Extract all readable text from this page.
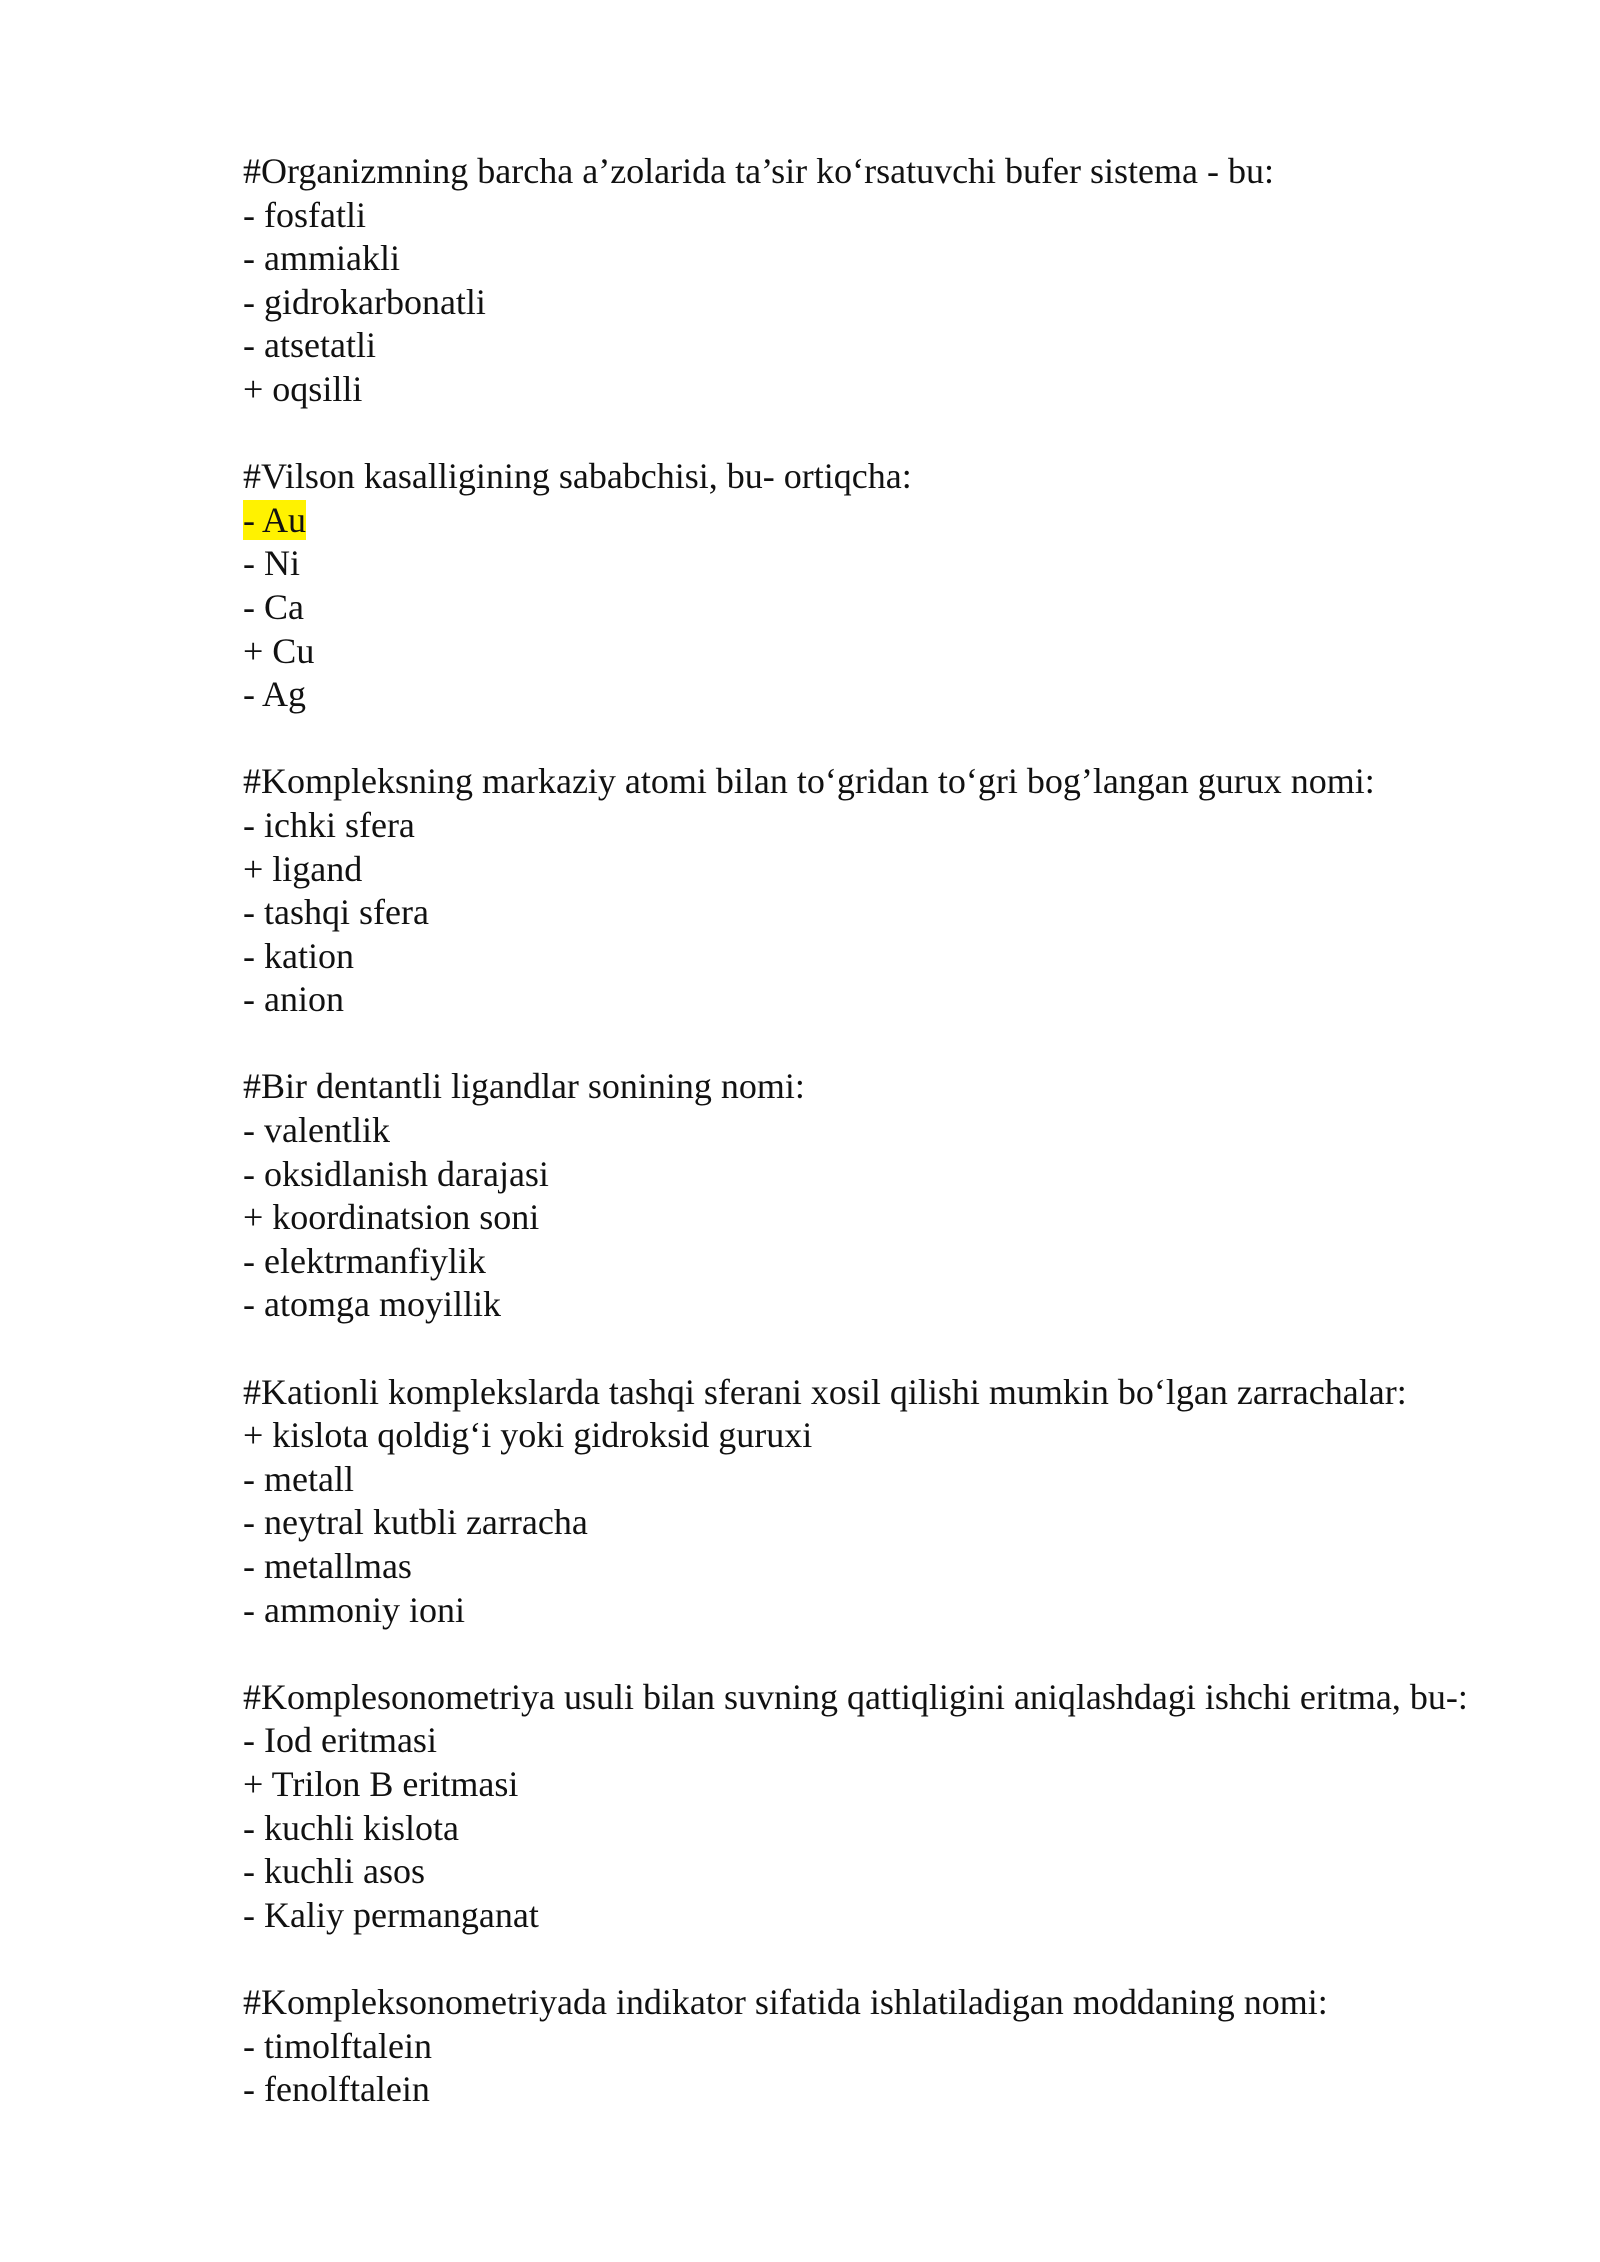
#Organizmning barcha a’zolarida ta’sir ko‘rsatuvchi bufer sistema - bu:
- fosfatli
- ammiakli
- gidrokarbonatli
- atsetatli
+ oqsilli
#Vilson kasalligining sababchisi, bu- ortiqcha:
- Au
- Ni
- Ca
+ Cu
- Ag
#Kompleksning markaziy atomi bilan to‘gridan to‘gri bog’langan gurux nomi:
- ichki sfera
+ ligand
- tashqi sfera
- kation
- anion
#Bir dentantli ligandlar sonining nomi:
- valentlik
- oksidlanish darajasi
+ koordinatsion soni
- elektrmanfiylik
- atomga moyillik
#Kationli komplekslarda tashqi sferani xosil qilishi mumkin bo‘lgan zarrachalar:
+ kislota qoldig‘i yoki gidroksid guruxi
- metall
- neytral kutbli zarracha
- metallmas
- ammoniy ioni
#Komplesonometriya usuli bilan suvning qattiqligini aniqlashdagi ishchi eritma, bu-:
- Iod eritmasi
+ Trilon B eritmasi
- kuchli kislota
- kuchli asos
- Kaliy permanganat
#Kompleksonometriyada indikator sifatida ishlatiladigan moddaning nomi:
- timolftalein
- fenolftalein
